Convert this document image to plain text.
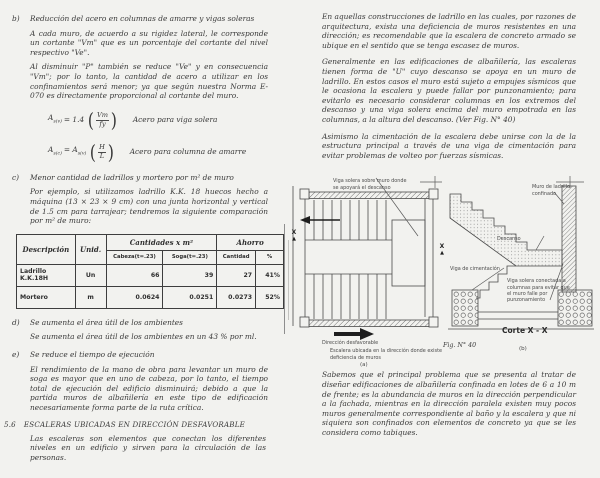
b) Reducción del acero en columnas de amarre y vigas soleras

A cada muro, de acuerdo a su rigidez lateral, le corresponde un cortante "Vm" que es un porcentaje del cortante del nivel respectivo "Ve".

Al disminuir "P" también se reduce "Ve" y en consecuencia "Vm"; por lo tanto, la cantidad de acero a utilizar en los confinamientos será menor; ya que según nuestra Norma E-070 es directamente proporcional al cortante del muro.

$A_{s(v)} = 1.4$ ( $\frac{Vm}{fy}$ ) Acero para viga solera
$A_{s(c)} = A_{s(v)}$ ( $\frac{H}{L}$ ) Acero para columna de amarre
c) Menor cantidad de ladrillos y mortero por m² de muro

Por ejemplo, si utilizamos ladrillo K.K. 18 huecos hecho a máquina (13 × 23 × 9 cm) con una junta horizontal y vertical de 1.5 cm para tarrajear; tendremos la siguiente comparación por m² de muro:

Descripción	Unid.	Cantidades x m²		Ahorro	
		Cabeza(t=.23)	Soga(t=.23)	Cantidad	%
Ladrillo K.K.18H	Un	66	39	27	41%
Mortero	m	0.0624	0.0251	0.0273	52%
d) Se aumenta el área útil de los ambientes

Se aumenta el área útil de los ambientes en un 43 % por ml.

e) Se reduce el tiempo de ejecución

El rendimiento de la mano de obra para levantar un muro de soga es mayor que en uno de cabeza, por lo tanto, el tiempo total de ejecución del edificio disminuirá; debido a que la partida muros de albañilería en este tipo de edificación necesariamente forma parte de la ruta crítica.

5.6 ESCALERAS UBICADAS EN DIRECCIÓN DESFAVORABLE

Las escaleras son elementos que conectan los diferentes niveles en un edificio y sirven para la circulación de las personas.

En aquellas construcciones de ladrillo en las cuales, por razones de arquitectura, exista una deficiencia de muros resistentes en una dirección; es recomendable que la escalera de concreto armado se ubique en el sentido que se tenga escasez de muros.

Generalmente en las edificaciones de albañilería, las escaleras tienen forma de "U" cuyo descanso se apoya en un muro de ladrillo. En estos casos el muro está sujeto a empujes sísmicos que le ocasiona la escalera y puede fallar por punzonamiento; para evitarlo es necesario considerar columnas en los extremos del descanso y una viga solera encima del muro empotrada en las columnas, a la altura del descanso. (Ver Fig. N° 40)

Asimismo la cimentación de la escalera debe unirse con la de la estructura principal a través de una viga de cimentación para evitar problemas de volteo por fuerzas sísmicas.

Viga solera sobre muro donde se apoyará el descanso
X
▲
X
▲
Dirección desfavorable
Escalera ubicada en la dirección donde existe deficiencia de muros
(a)
Muro de ladrillo confinado
Descanso
Viga de cimentación
Viga solera conectada a columnas para evitar que el muro falle por punzonamiento
Corte X - X
(b)
Fig. N° 40

Sabemos que el principal problema que se presenta al tratar de diseñar edificaciones de albañilería confinada en lotes de 6 a 10 m de frente; es la abundancia de muros en la dirección perpendicular a la fachada, mientras en la dirección paralela existen muy pocos muros generalmente correspondiente al baño y la escalera y que ni siquiera son confinados con elementos de concreto ya que se les considera como tabiques.
